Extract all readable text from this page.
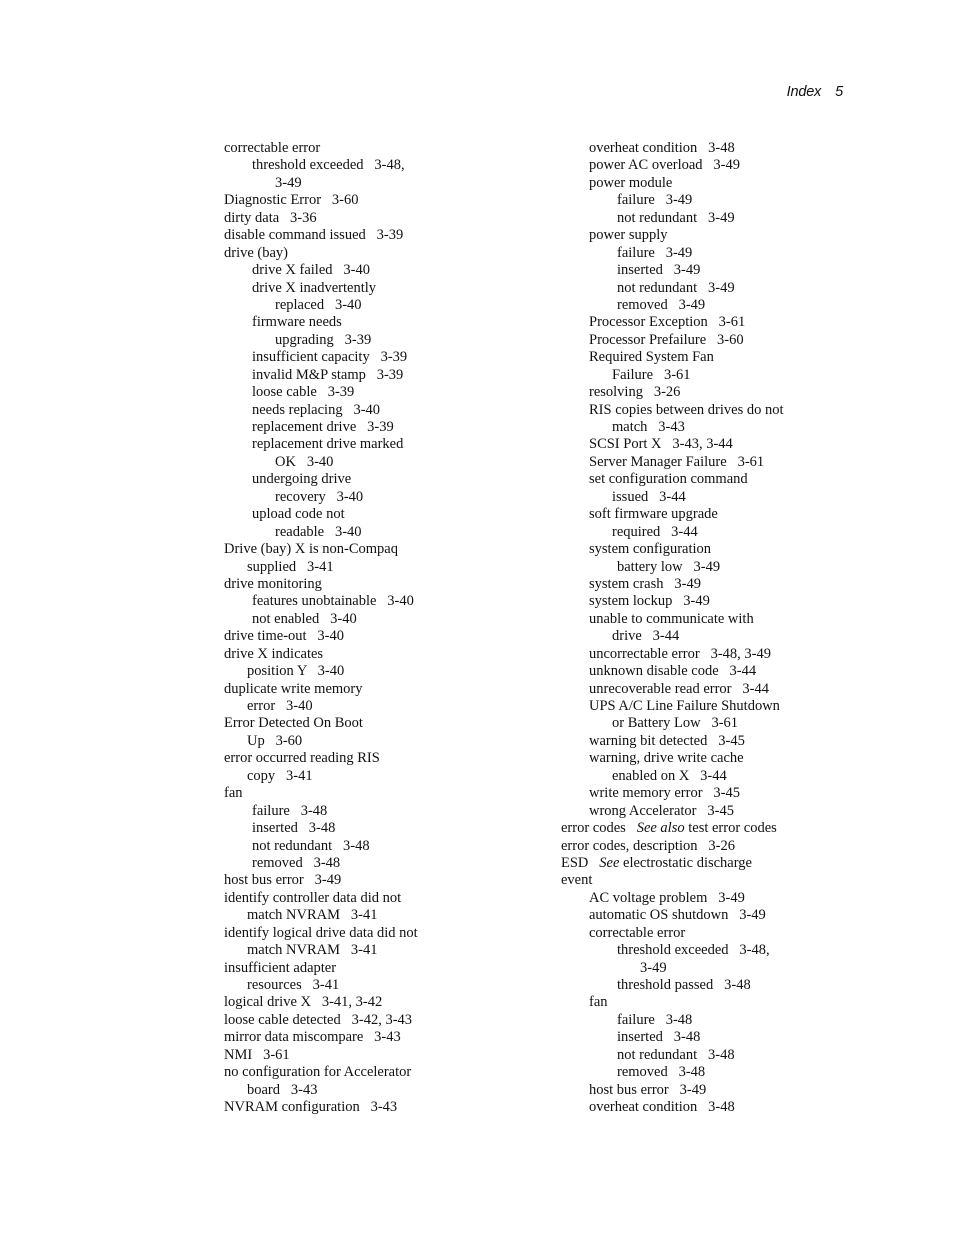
Index 5
correctable error
threshold exceeded   3-48,
3-49
Diagnostic Error   3-60
dirty data   3-36
disable command issued   3-39
drive (bay)
drive X failed   3-40
drive X inadvertently
replaced   3-40
firmware needs
upgrading   3-39
insufficient capacity   3-39
invalid M&P stamp   3-39
loose cable   3-39
needs replacing   3-40
replacement drive   3-39
replacement drive marked
OK   3-40
undergoing drive
recovery   3-40
upload code not
readable   3-40
Drive (bay) X is non-Compaq
supplied   3-41
drive monitoring
features unobtainable   3-40
not enabled   3-40
drive time-out   3-40
drive X indicates
position Y   3-40
duplicate write memory
error   3-40
Error Detected On Boot
Up   3-60
error occurred reading RIS
copy   3-41
fan
failure   3-48
inserted   3-48
not redundant   3-48
removed   3-48
host bus error   3-49
identify controller data did not
match NVRAM   3-41
identify logical drive data did not
match NVRAM   3-41
insufficient adapter
resources   3-41
logical drive X   3-41, 3-42
loose cable detected   3-42, 3-43
mirror data miscompare   3-43
NMI   3-61
no configuration for Accelerator
board   3-43
NVRAM configuration   3-43
overheat condition   3-48
power AC overload   3-49
power module
failure   3-49
not redundant   3-49
power supply
failure   3-49
inserted   3-49
not redundant   3-49
removed   3-49
Processor Exception   3-61
Processor Prefailure   3-60
Required System Fan
Failure   3-61
resolving   3-26
RIS copies between drives do not
match   3-43
SCSI Port X   3-43, 3-44
Server Manager Failure   3-61
set configuration command
issued   3-44
soft firmware upgrade
required   3-44
system configuration
battery low   3-49
system crash   3-49
system lockup   3-49
unable to communicate with
drive   3-44
uncorrectable error   3-48, 3-49
unknown disable code   3-44
unrecoverable read error   3-44
UPS A/C Line Failure Shutdown
or Battery Low   3-61
warning bit detected   3-45
warning, drive write cache
enabled on X   3-44
write memory error   3-45
wrong Accelerator   3-45
error codes See also test error codes
error codes, description   3-26
ESD See electrostatic discharge
event
AC voltage problem   3-49
automatic OS shutdown   3-49
correctable error
threshold exceeded   3-48,
3-49
threshold passed   3-48
fan
failure   3-48
inserted   3-48
not redundant   3-48
removed   3-48
host bus error   3-49
overheat condition   3-48
